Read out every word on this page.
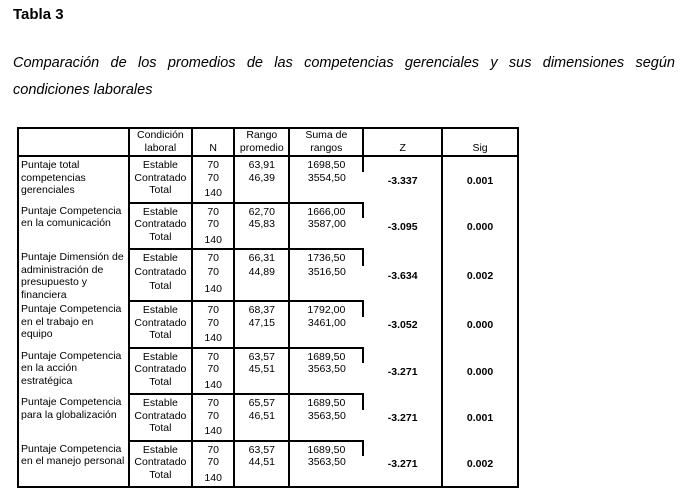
Tabla 3

Comparación de los promedios de las competencias gerenciales y sus dimensiones según condiciones laborales

	Condición laboral	N	Rango promedio	Suma de rangos	Z	Sig
Puntaje total competencias gerenciales	Estable	70	63,91	1698,50	-3.337	0.001
	Contratado	70	46,39	3554,50		
	Total	140				
Puntaje Competencia en la comunicación	Estable	70	62,70	1666,00	-3.095	0.000
	Contratado	70	45,83	3587,00		
	Total	140				
Puntaje Dimensión de administración de presupuesto y financiera	Estable	70	66,31	1736,50	-3.634	0.002
	Contratado	70	44,89	3516,50		
	Total	140				
Puntaje Competencia en el trabajo en equipo	Estable	70	68,37	1792,00	-3.052	0.000
	Contratado	70	47,15	3461,00		
	Total	140				
Puntaje Competencia en la acción estratégica	Estable	70	63,57	1689,50	-3.271	0.000
	Contratado	70	45,51	3563,50		
	Total	140				
Puntaje Competencia para la globalización	Estable	70	65,57	1689,50	-3.271	0.001
	Contratado	70	46,51	3563,50		
	Total	140				
Puntaje Competencia en el manejo personal	Estable	70	63,57	1689,50	-3.271	0.002
	Contratado	70	44,51	3563,50		
	Total	140				
